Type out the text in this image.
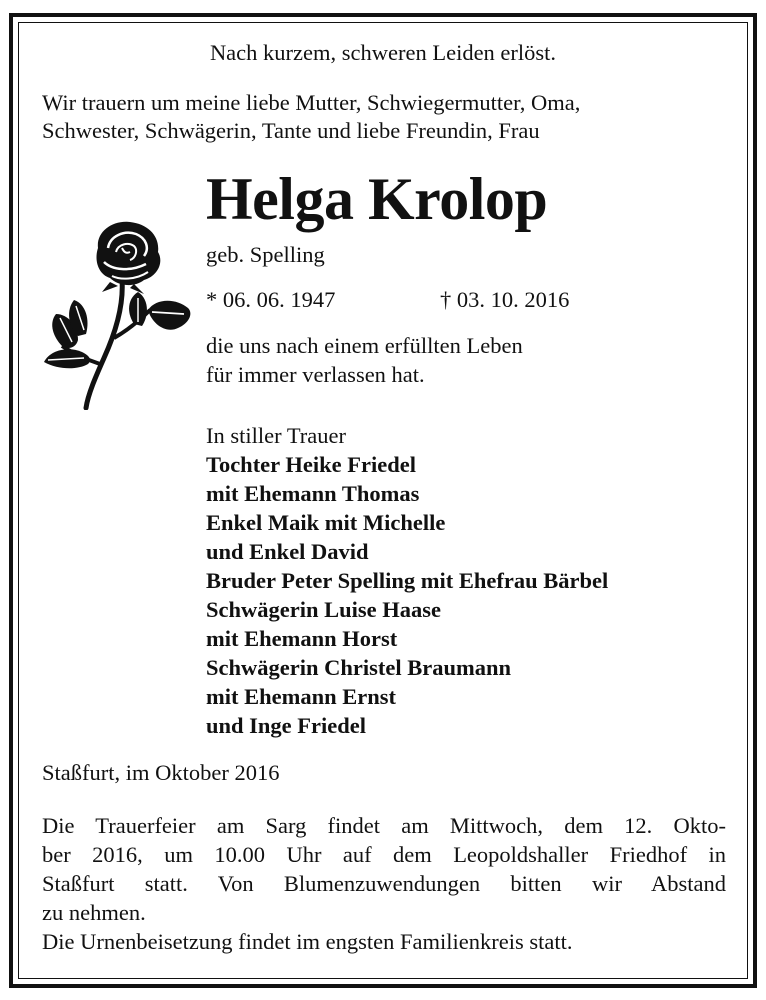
Nach kurzem, schweren Leiden erlöst.
Wir trauern um meine liebe Mutter, Schwiegermutter, Oma,
Schwester, Schwägerin, Tante und liebe Freundin, Frau
Helga Krolop
geb. Spelling
* 06. 06. 1947	† 03. 10. 2016
die uns nach einem erfüllten Leben
für immer verlassen hat.
In stiller Trauer
Tochter Heike Friedel
mit Ehemann Thomas
Enkel Maik mit Michelle
und Enkel David
Bruder Peter Spelling mit Ehefrau Bärbel
Schwägerin Luise Haase
mit Ehemann Horst
Schwägerin Christel Braumann
mit Ehemann Ernst
und Inge Friedel
Staßfurt, im Oktober 2016
Die Trauerfeier am Sarg findet am Mittwoch, dem 12. Okto-
ber 2016, um 10.00 Uhr auf dem Leopoldshaller Friedhof in
Staßfurt statt. Von Blumenzuwendungen bitten wir Abstand
zu nehmen.
Die Urnenbeisetzung findet im engsten Familienkreis statt.
